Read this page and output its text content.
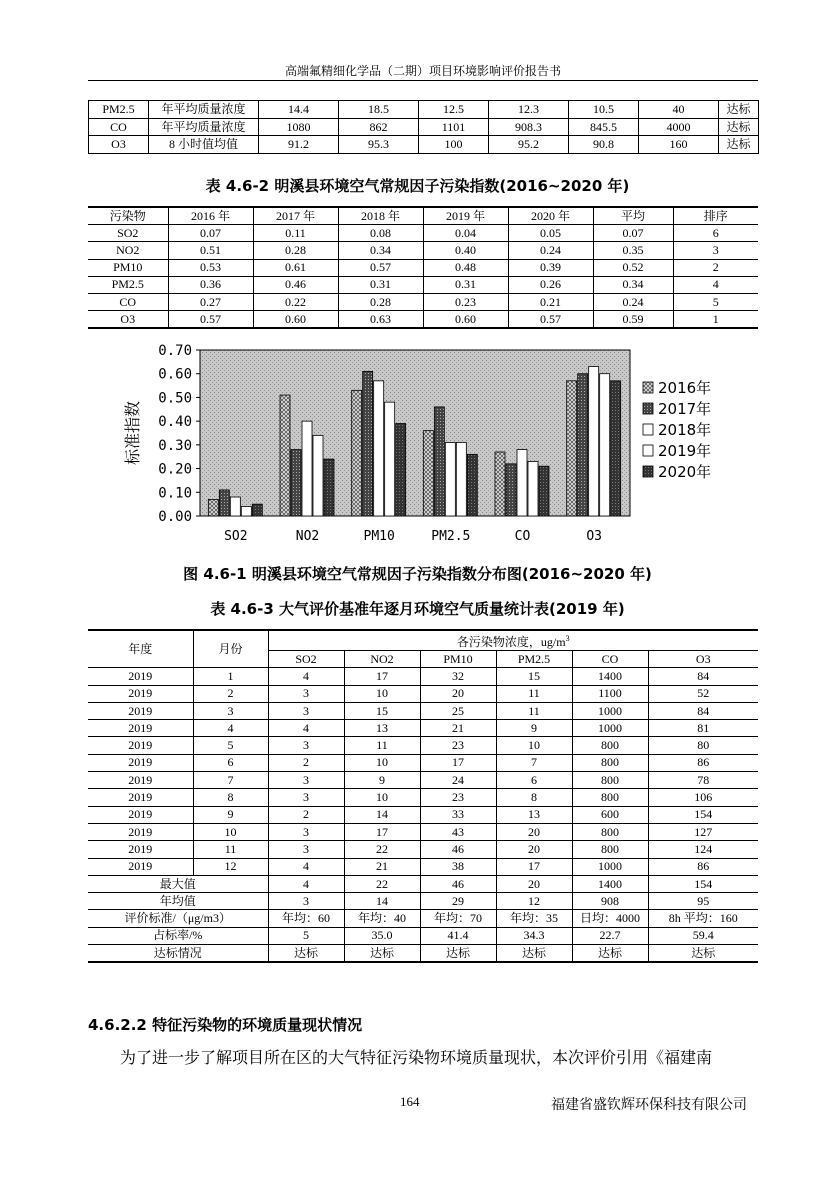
高端氟精细化学品（二期）项目环境影响评价报告书
PM2.5	年平均质量浓度	14.4	18.5	12.5	12.3	10.5	40	达标
CO	年平均质量浓度	1080	862	1101	908.3	845.5	4000	达标
O3	8 小时值均值	91.2	95.3	100	95.2	90.8	160	达标
表 4.6-2 明溪县环境空气常规因子污染指数(2016~2020 年)
污染物	2016 年	2017 年	2018 年	2019 年	2020 年	平均	排序
SO2	0.07	0.11	0.08	0.04	0.05	0.07	6
NO2	0.51	0.28	0.34	0.40	0.24	0.35	3
PM10	0.53	0.61	0.57	0.48	0.39	0.52	2
PM2.5	0.36	0.46	0.31	0.31	0.26	0.34	4
CO	0.27	0.22	0.28	0.23	0.21	0.24	5
O3	0.57	0.60	0.63	0.60	0.57	0.59	1
0.00
0.10
0.20
0.30
0.40
0.50
0.60
0.70
标准指数
SO2	NO2	PM10	PM2.5	CO	O3
2016年
2017年
2018年
2019年
2020年
图 4.6-1 明溪县环境空气常规因子污染指数分布图(2016~2020 年)
表 4.6-3 大气评价基准年逐月环境空气质量统计表(2019 年)
年度	月份	各污染物浓度，$ug/m^3$
		SO2	NO2	PM10	PM2.5	CO	O3
2019	1	4	17	32	15	1400	84
2019	2	3	10	20	11	1100	52
2019	3	3	15	25	11	1000	84
2019	4	4	13	21	9	1000	81
2019	5	3	11	23	10	800	80
2019	6	2	10	17	7	800	86
2019	7	3	9	24	6	800	78
2019	8	3	10	23	8	800	106
2019	9	2	14	33	13	600	154
2019	10	3	17	43	20	800	127
2019	11	3	22	46	20	800	124
2019	12	4	21	38	17	1000	86
最大值		4	22	46	20	1400	154
年均值		3	14	29	12	908	95
评价标准/（μg/m3）		年均：60	年均：40	年均：70	年均：35	日均：4000	8h 平均：160
占标率/%		5	35.0	41.4	34.3	22.7	59.4
达标情况		达标	达标	达标	达标	达标	达标
4.6.2.2 特征污染物的环境质量现状情况
为了进一步了解项目所在区的大气特征污染物环境质量现状，本次评价引用《福建南
164	福建省盛钦辉环保科技有限公司
